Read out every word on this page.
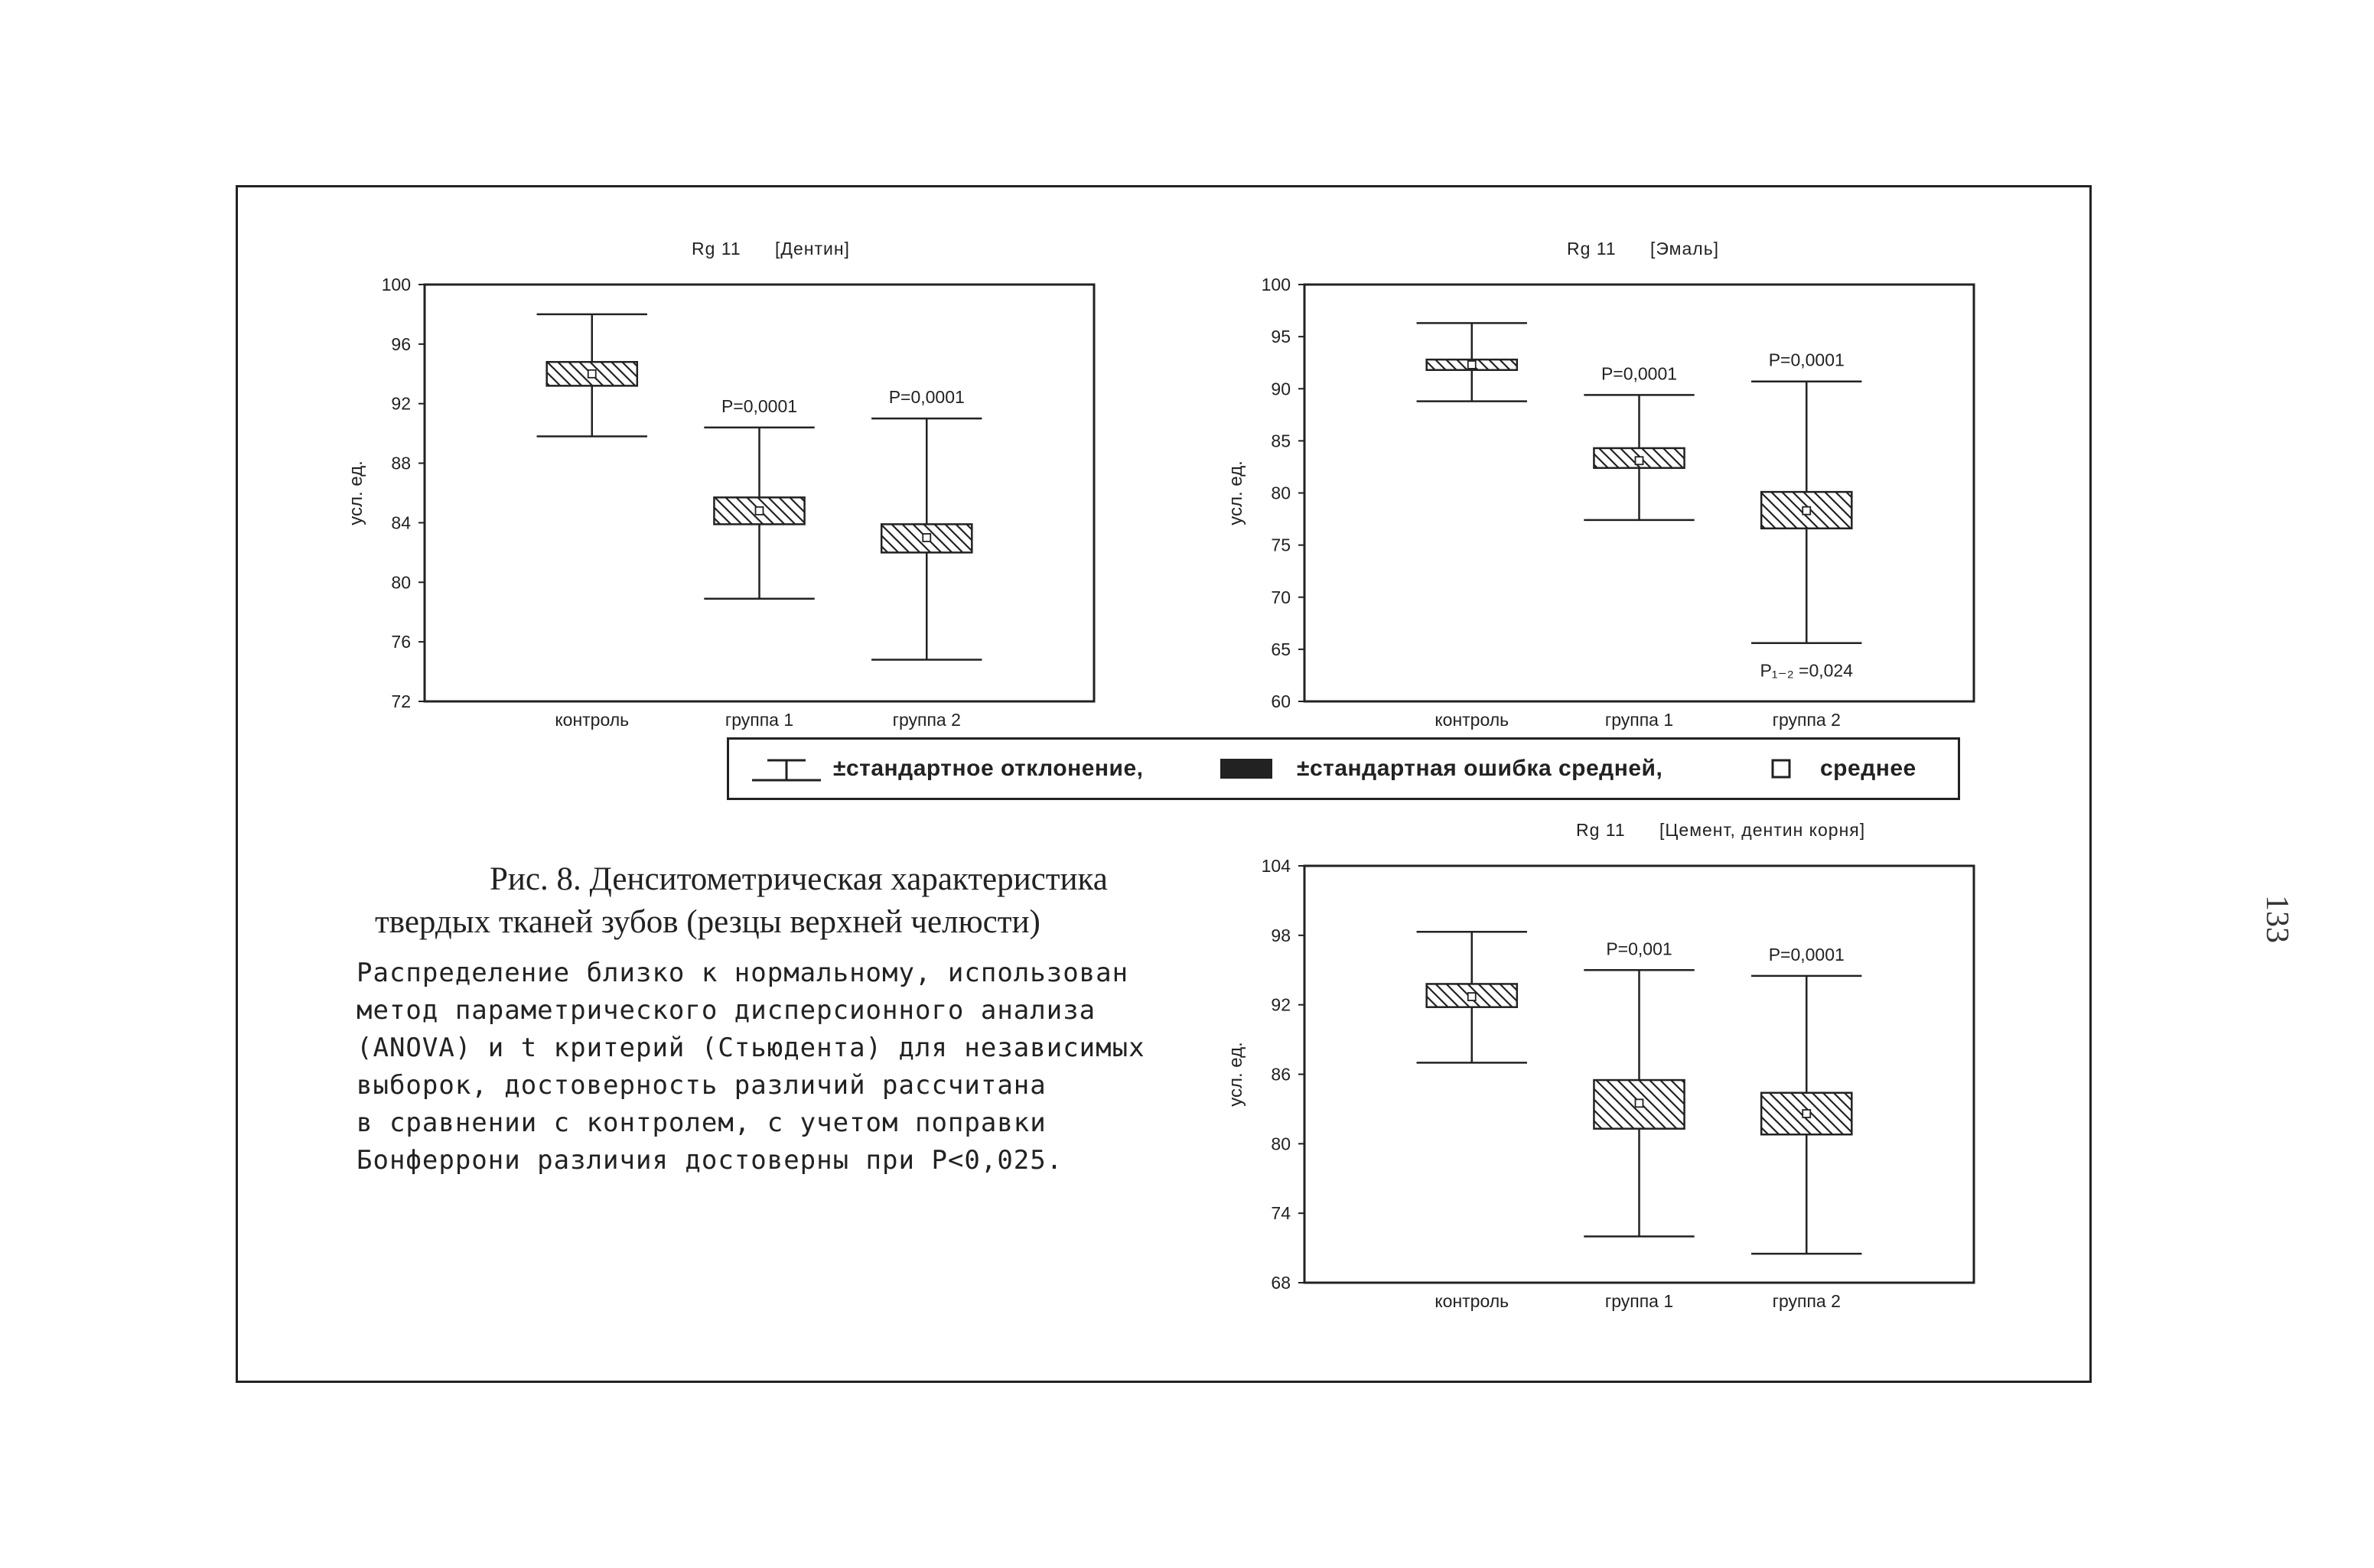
Rg 11      [Дентин]
72
76
80
84
88
92
96
100
усл. ед.
контроль	группа 1
P=0,0001
группа 2
P=0,0001
Rg 11      [Эмаль]
60
65
70
75
80
85
90
95
100
усл. ед.
контроль	группа 1
P=0,0001
группа 2
P=0,0001
P₁₋₂ =0,024
±стандартное отклонение,	±стандартная ошибка средней,	среднее
Рис. 8. Денситометрическая характеристика
твердых тканей зубов (резцы верхней челюсти)
Распределение близко к нормальному, использован
метод параметрического дисперсионного анализа
(ANOVA) и t критерий (Стьюдента) для независимых
выборок, достоверность различий рассчитана
в сравнении с контролем, с учетом поправки
Бонферрони различия достоверны при P<0,025.
Rg 11      [Цемент, дентин корня]
68
74
80
86
92
98
104
усл. ед.
контроль	группа 1
P=0,001
группа 2
P=0,0001
133
